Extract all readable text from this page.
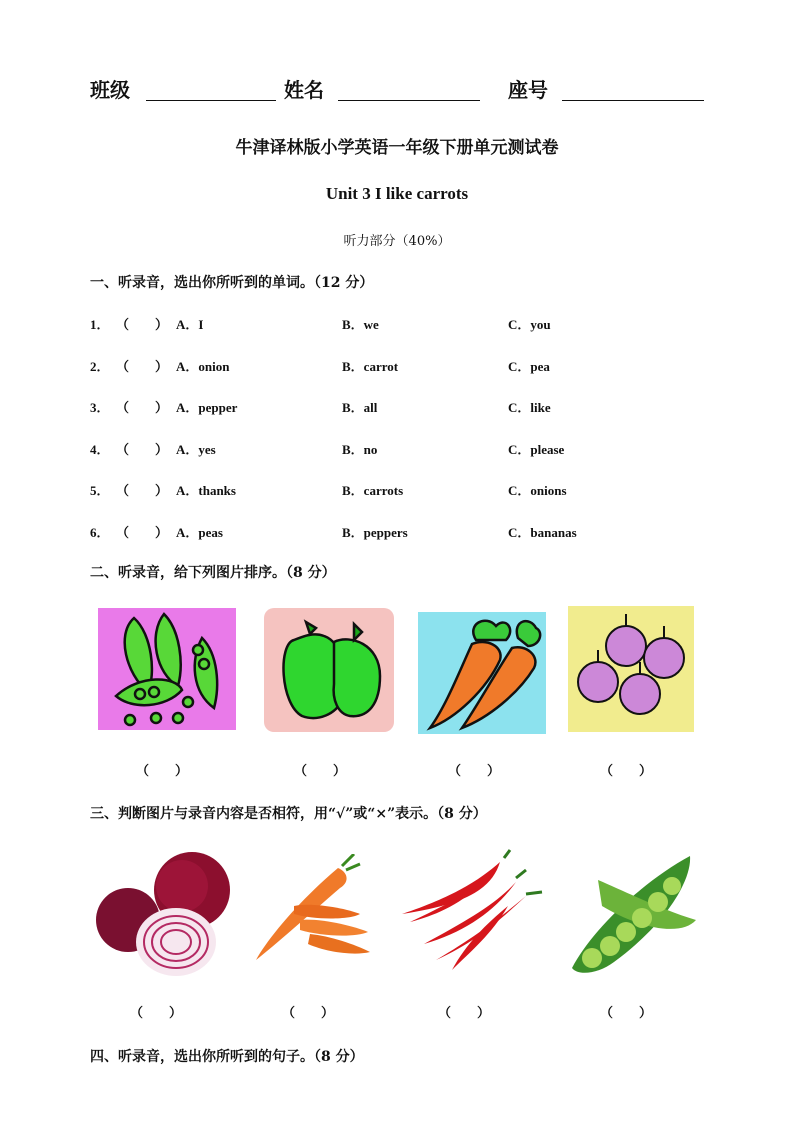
班级	姓名	座号
牛津译林版小学英语一年级下册单元测试卷
Unit 3 I like carrots
听力部分（40%）
一、听录音，选出你所听到的单词。（12 分）
1． （　　） A．I	B．we	C．you
2． （　　） A．onion	B．carrot	C．pea
3． （　　） A．pepper	B．all	C．like
4． （　　） A．yes	B．no	C．please
5． （　　） A．thanks	B．carrots	C．onions
6． （　　） A．peas	B．peppers	C．bananas
二、听录音，给下列图片排序。（8 分）
（　　）	（　　）	（　　）	（　　）
三、判断图片与录音内容是否相符，用“√”或“×”表示。（8 分）
（　　）	（　　）	（　　）	（　　）
四、听录音，选出你所听到的句子。（8 分）
